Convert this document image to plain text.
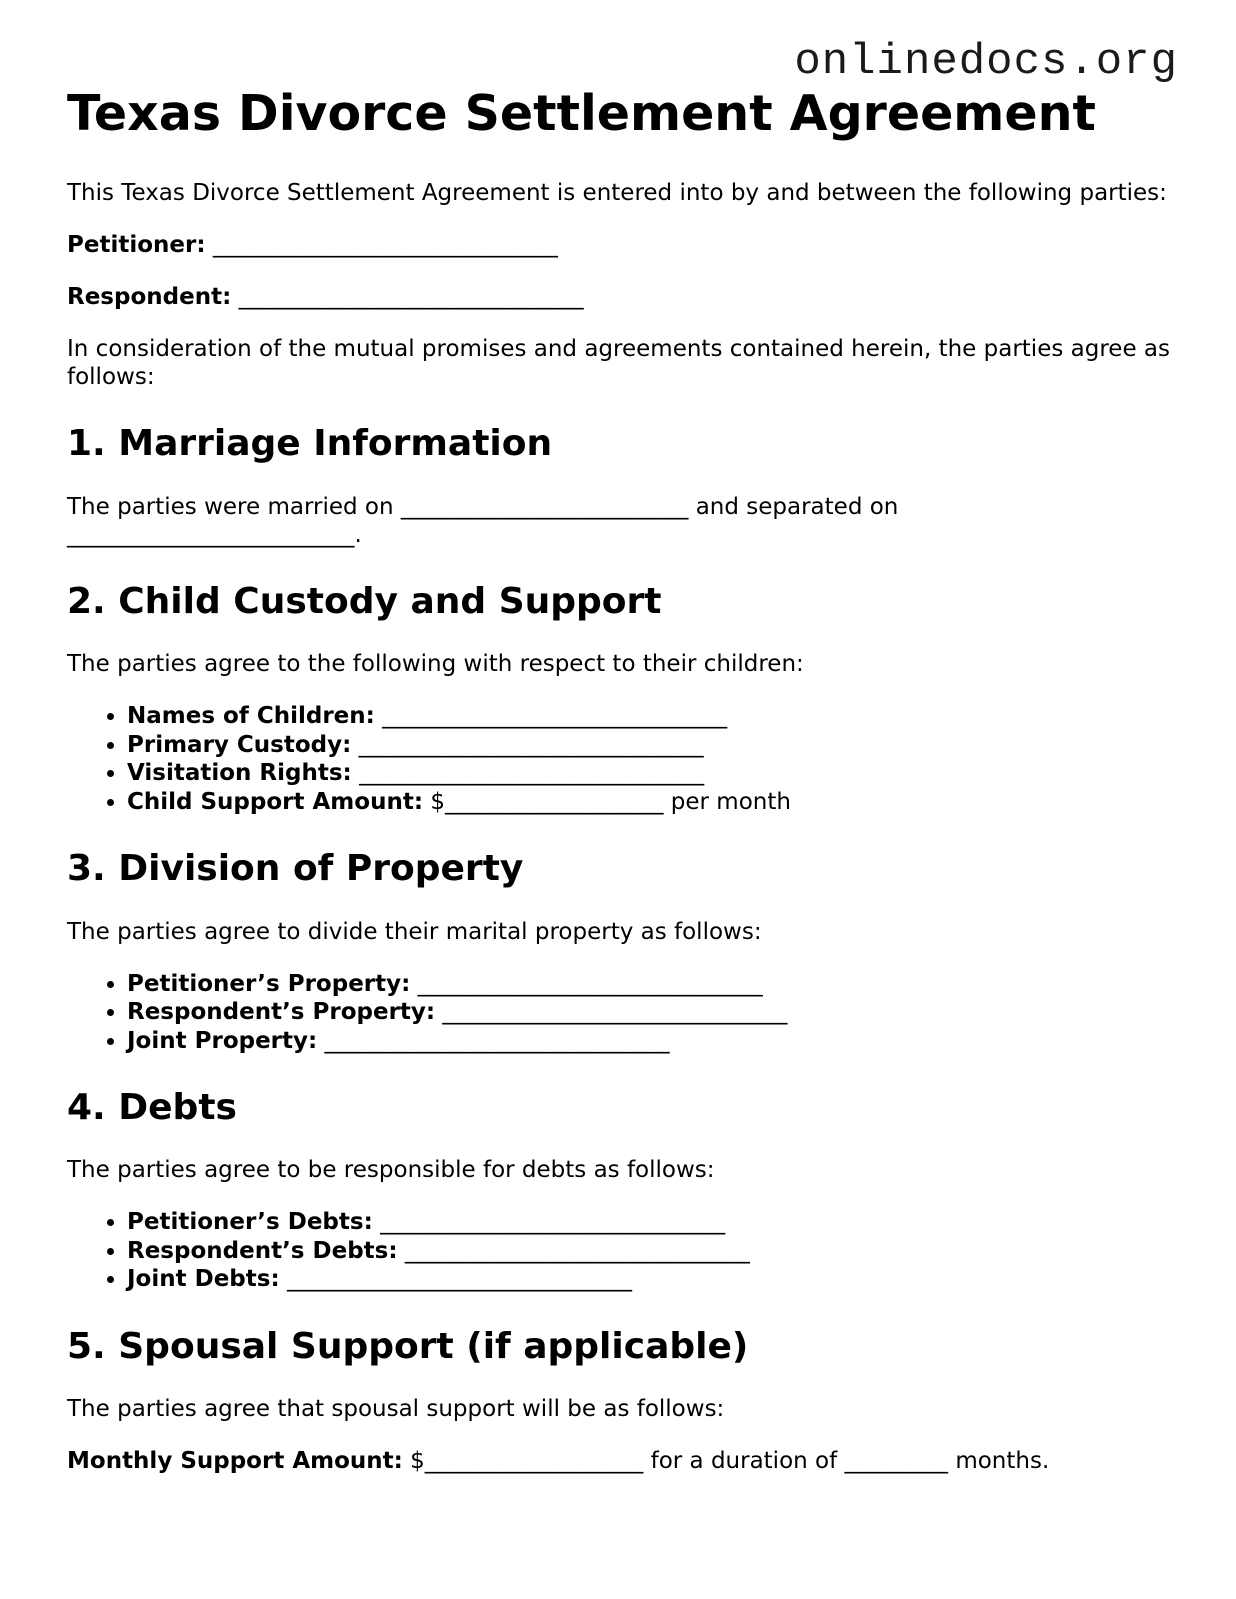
onlinedocs.org
Texas Divorce Settlement Agreement

This Texas Divorce Settlement Agreement is entered into by and between the following parties:

Petitioner: ______________________________
Respondent: ______________________________

In consideration of the mutual promises and agreements contained herein, the parties agree as follows:

1. Marriage Information

The parties were married on _________________________ and separated on _________________________.

2. Child Custody and Support

The parties agree to the following with respect to their children:

• Names of Children: ______________________________
• Primary Custody: ______________________________
• Visitation Rights: ______________________________
• Child Support Amount: $___________________ per month
3. Division of Property

The parties agree to divide their marital property as follows:

• Petitioner’s Property: ______________________________
• Respondent’s Property: ______________________________
• Joint Property: ______________________________
4. Debts

The parties agree to be responsible for debts as follows:

• Petitioner’s Debts: ______________________________
• Respondent’s Debts: ______________________________
• Joint Debts: ______________________________
5. Spousal Support (if applicable)

The parties agree that spousal support will be as follows:

Monthly Support Amount: $___________________ for a duration of _________ months.
